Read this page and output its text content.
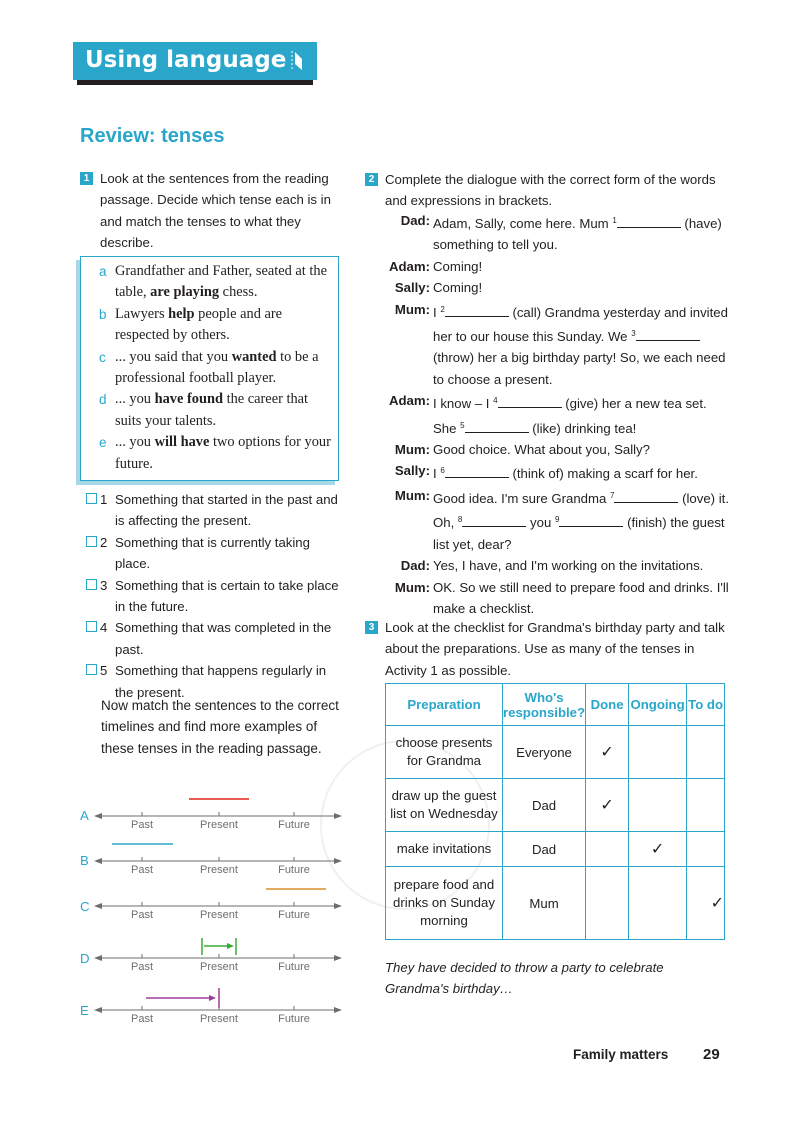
Using language
Review: tenses
1 Look at the sentences from the reading passage. Decide which tense each is in and match the tenses to what they describe.
a Grandfather and Father, seated at the table, are playing chess.
b Lawyers help people and are respected by others.
c ... you said that you wanted to be a professional football player.
d ... you have found the career that suits your talents.
e ... you will have two options for your future.
1 Something that started in the past and is affecting the present.
2 Something that is currently taking place.
3 Something that is certain to take place in the future.
4 Something that was completed in the past.
5 Something that happens regularly in the present.
Now match the sentences to the correct timelines and find more examples of these tenses in the reading passage.
A
B
C
D
E
Past	Present	Future
Past	Present	Future
Past	Present	Future
Past	Present	Future
Past	Present	Future
2 Complete the dialogue with the correct form of the words and expressions in brackets.
Dad: Adam, Sally, come here. Mum $^1$	(have) something to tell you.
Adam: Coming!
Sally: Coming!
Mum: I $^2$	(call) Grandma yesterday and invited her to our house this Sunday. We $^3$ (throw) her a big birthday party! So, we each need to choose a present.
Adam: I know – I $^4$	(give) her a new tea set. She $^5$	(like) drinking tea!
Mum: Good choice. What about you, Sally?
Sally: I $^6$	(think of) making a scarf for her.
Mum: Good idea. I'm sure Grandma $^7$	(love) it. Oh, $^8$	you $^9$	(finish) the guest list yet, dear?
Dad: Yes, I have, and I'm working on the invitations.
Mum: OK. So we still need to prepare food and drinks. I'll make a checklist.
3 Look at the checklist for Grandma's birthday party and talk about the preparations. Use as many of the tenses in Activity 1 as possible.
Preparation	Who's responsible?	Done	Ongoing	To do
choose presents for Grandma	Everyone	✓		
draw up the guest list on Wednesday	Dad	✓		
make invitations	Dad		✓	
prepare food and drinks on Sunday morning	Mum			✓
They have decided to throw a party to celebrate Grandma's birthday…
Family matters 29
